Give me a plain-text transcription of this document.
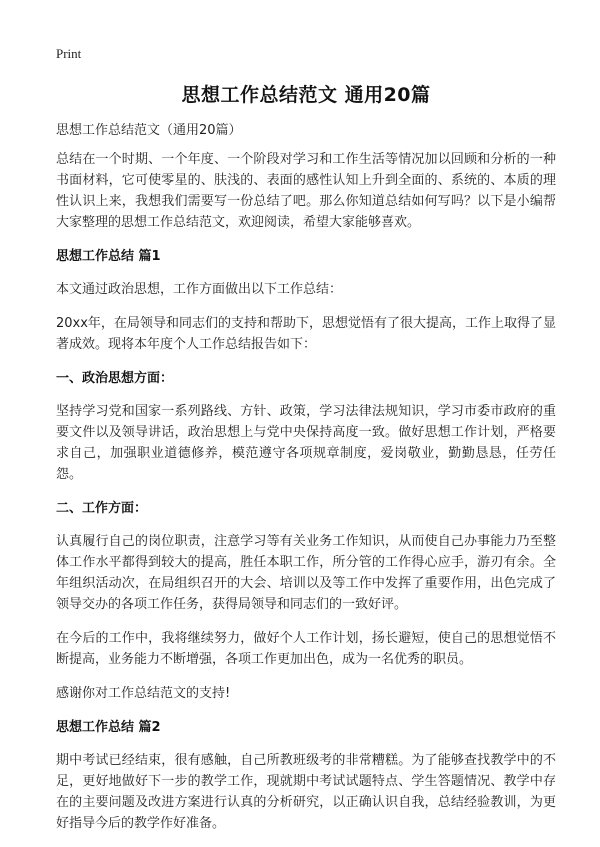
Print
思想工作总结范文 通用20篇

思想工作总结范文（通用20篇）

总结在一个时期、一个年度、一个阶段对学习和工作生活等情况加以回顾和分析的一种书面材料，它可使零星的、肤浅的、表面的感性认知上升到全面的、系统的、本质的理性认识上来，我想我们需要写一份总结了吧。那么你知道总结如何写吗？以下是小编帮大家整理的思想工作总结范文，欢迎阅读，希望大家能够喜欢。

思想工作总结 篇1

本文通过政治思想，工作方面做出以下工作总结：

20xx年，在局领导和同志们的支持和帮助下，思想觉悟有了很大提高，工作上取得了显著成效。现将本年度个人工作总结报告如下：

一、政治思想方面：

坚持学习党和国家一系列路线、方针、政策，学习法律法规知识，学习市委市政府的重要文件以及领导讲话，政治思想上与党中央保持高度一致。做好思想工作计划，严格要求自己，加强职业道德修养，模范遵守各项规章制度，爱岗敬业，勤勤恳恳，任劳任怨。

二、工作方面：

认真履行自己的岗位职责，注意学习等有关业务工作知识，从而使自己办事能力乃至整体工作水平都得到较大的提高，胜任本职工作，所分管的工作得心应手，游刃有余。全年组织活动次，在局组织召开的大会、培训以及等工作中发挥了重要作用，出色完成了领导交办的各项工作任务，获得局领导和同志们的一致好评。

在今后的工作中，我将继续努力，做好个人工作计划，扬长避短，使自己的思想觉悟不断提高，业务能力不断增强，各项工作更加出色，成为一名优秀的职员。

感谢你对工作总结范文的支持!

思想工作总结 篇2

期中考试已经结束，很有感触，自己所教班级考的非常糟糕。为了能够查找教学中的不足，更好地做好下一步的教学工作，现就期中考试试题特点、学生答题情况、教学中存在的主要问题及改进方案进行认真的分析研究，以正确认识自我，总结经验教训，为更好指导今后的教学作好准备。
